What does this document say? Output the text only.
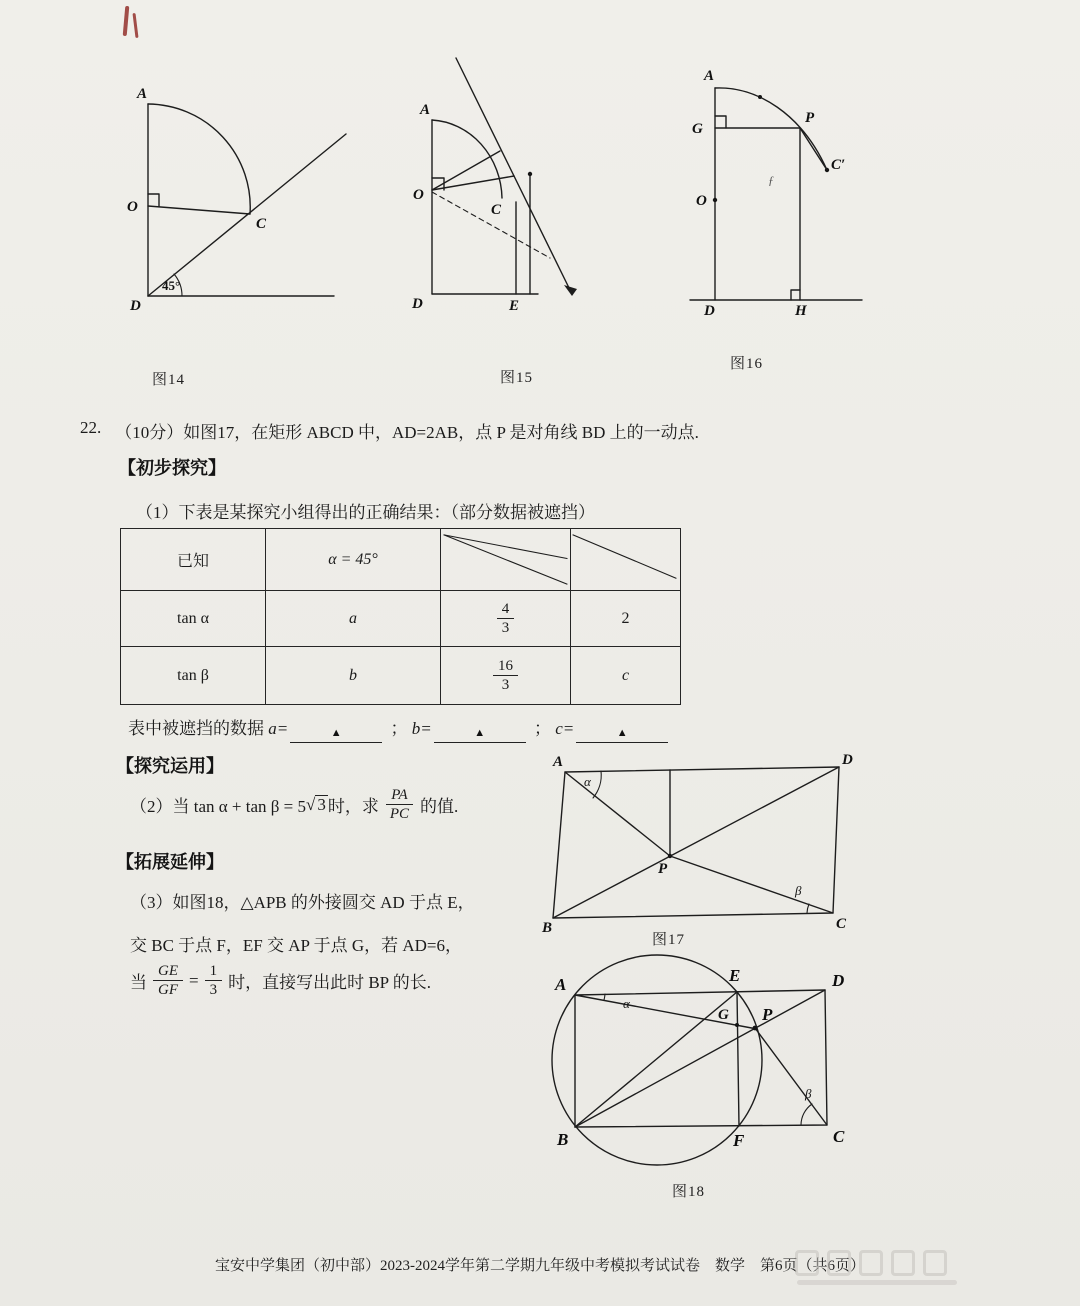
A
O
C
D
45°
图14
A
O
C
D	E
图15
A
G
P
C′
O
D	H
ƒ
图16
22. （10分）如图17，在矩形 ABCD 中，AD=2AB，点 P 是对角线 BD 上的一动点.
【初步探究】
（1）下表是某探究小组得出的正确结果：（部分数据被遮挡）
已知	α = 45°	

tan α	a	$\frac{4}{3}$	2
tan β	b	$\frac{16}{3}$	c
表中被遮挡的数据 a=	▲	； b=	▲	； c=	▲
【探究运用】
（2）当 tan α + tan β = 5 √ 3 时，求 $\frac{PA}{PC}$ 的值.
【拓展延伸】
（3）如图18，△APB 的外接圆交 AD 于点 E，
交 BC 于点 F，EF 交 AP 于点 G，若 AD=6，
当 $\frac{GE}{GF} = \frac{1}{3}$ 时，直接写出此时 BP 的长.
A	D
B	C
P
α
β
图17
A	D
B	C
E
F
G P
α
β
图18
宝安中学集团（初中部）2023-2024学年第二学期九年级中考模拟考试试卷　数学　第6页（共6页）
